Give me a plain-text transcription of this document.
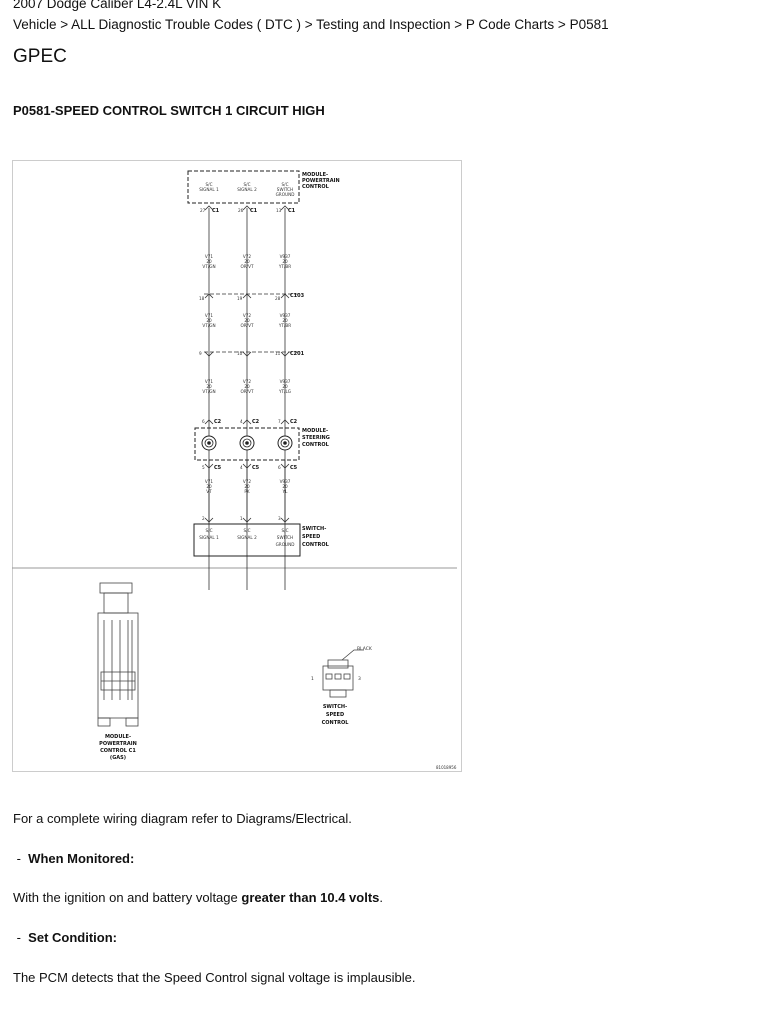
2007 Dodge Caliber L4-2.4L VIN K
Vehicle > ALL Diagnostic Trouble Codes ( DTC ) > Testing and Inspection > P Code Charts > P0581
GPEC
P0581-SPEED CONTROL SWITCH 1 CIRCUIT HIGH
MODULE-
POWERTRAIN
CONTROL
S/C
SIGNAL 1
S/C
SIGNAL 2
S/C
SWITCH
GROUND
27	26	13
V71
20
VT/GN
V72
20
OR/VT
V937
20
YT/BR
V71
20
VT/GN
V72
20
OR/VT
V937
20
YT/BR
V71
20
VT/GN
V72
20
OR/VT
V937
20
YT/LG
V71
20
VT
V72
20
PK
V937
20
YL
C1	C1	C1
C103
C201
C2	C2	C2
MODULE-
STEERING
CONTROL
C5	C5	C5
18	19	28
9	10	11
6	4	7
5	4	6
2	1	3
S/C
SIGNAL 1
S/C
SIGNAL 2
S/C
SWITCH
GROUND
SWITCH-
SPEED
CONTROL
MODULE-
POWERTRAIN
CONTROL C1
(GAS)
BLACK
1	3
SWITCH-
SPEED
CONTROL
81018956
For a complete wiring diagram refer to Diagrams/Electrical.
-  When Monitored:
With the ignition on and battery voltage greater than 10.4 volts.
-  Set Condition:
The PCM detects that the Speed Control signal voltage is implausible.
